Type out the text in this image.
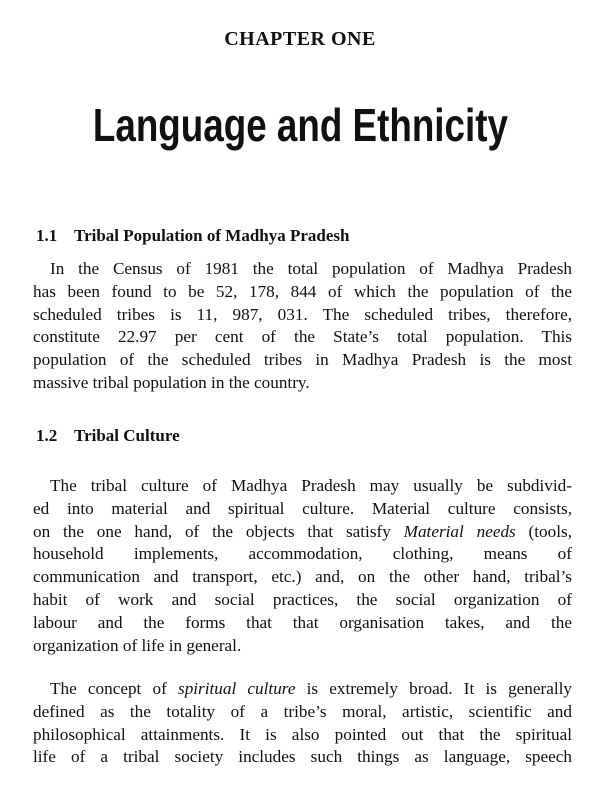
CHAPTER ONE
Language and Ethnicity
1.1 Tribal Population of Madhya Pradesh
In the Census of 1981 the total population of Madhya Pradesh
has been found to be 52, 178, 844 of which the population of the
scheduled tribes is 11, 987, 031. The scheduled tribes, therefore,
constitute 22.97 per cent of the State’s total population. This
population of the scheduled tribes in Madhya Pradesh is the most
massive tribal population in the country.
1.2 Tribal Culture
The tribal culture of Madhya Pradesh may usually be subdivid-
ed into material and spiritual culture. Material culture consists,
on the one hand, of the objects that satisfy Material needs (tools,
household implements, accommodation, clothing, means of
communication and transport, etc.) and, on the other hand, tribal’s
habit of work and social practices, the social organization of
labour and the forms that that organisation takes, and the
organization of life in general.
The concept of spiritual culture is extremely broad. It is generally
defined as the totality of a tribe’s moral, artistic, scientific and
philosophical attainments. It is also pointed out that the spiritual
life of a tribal society includes such things as language, speech
